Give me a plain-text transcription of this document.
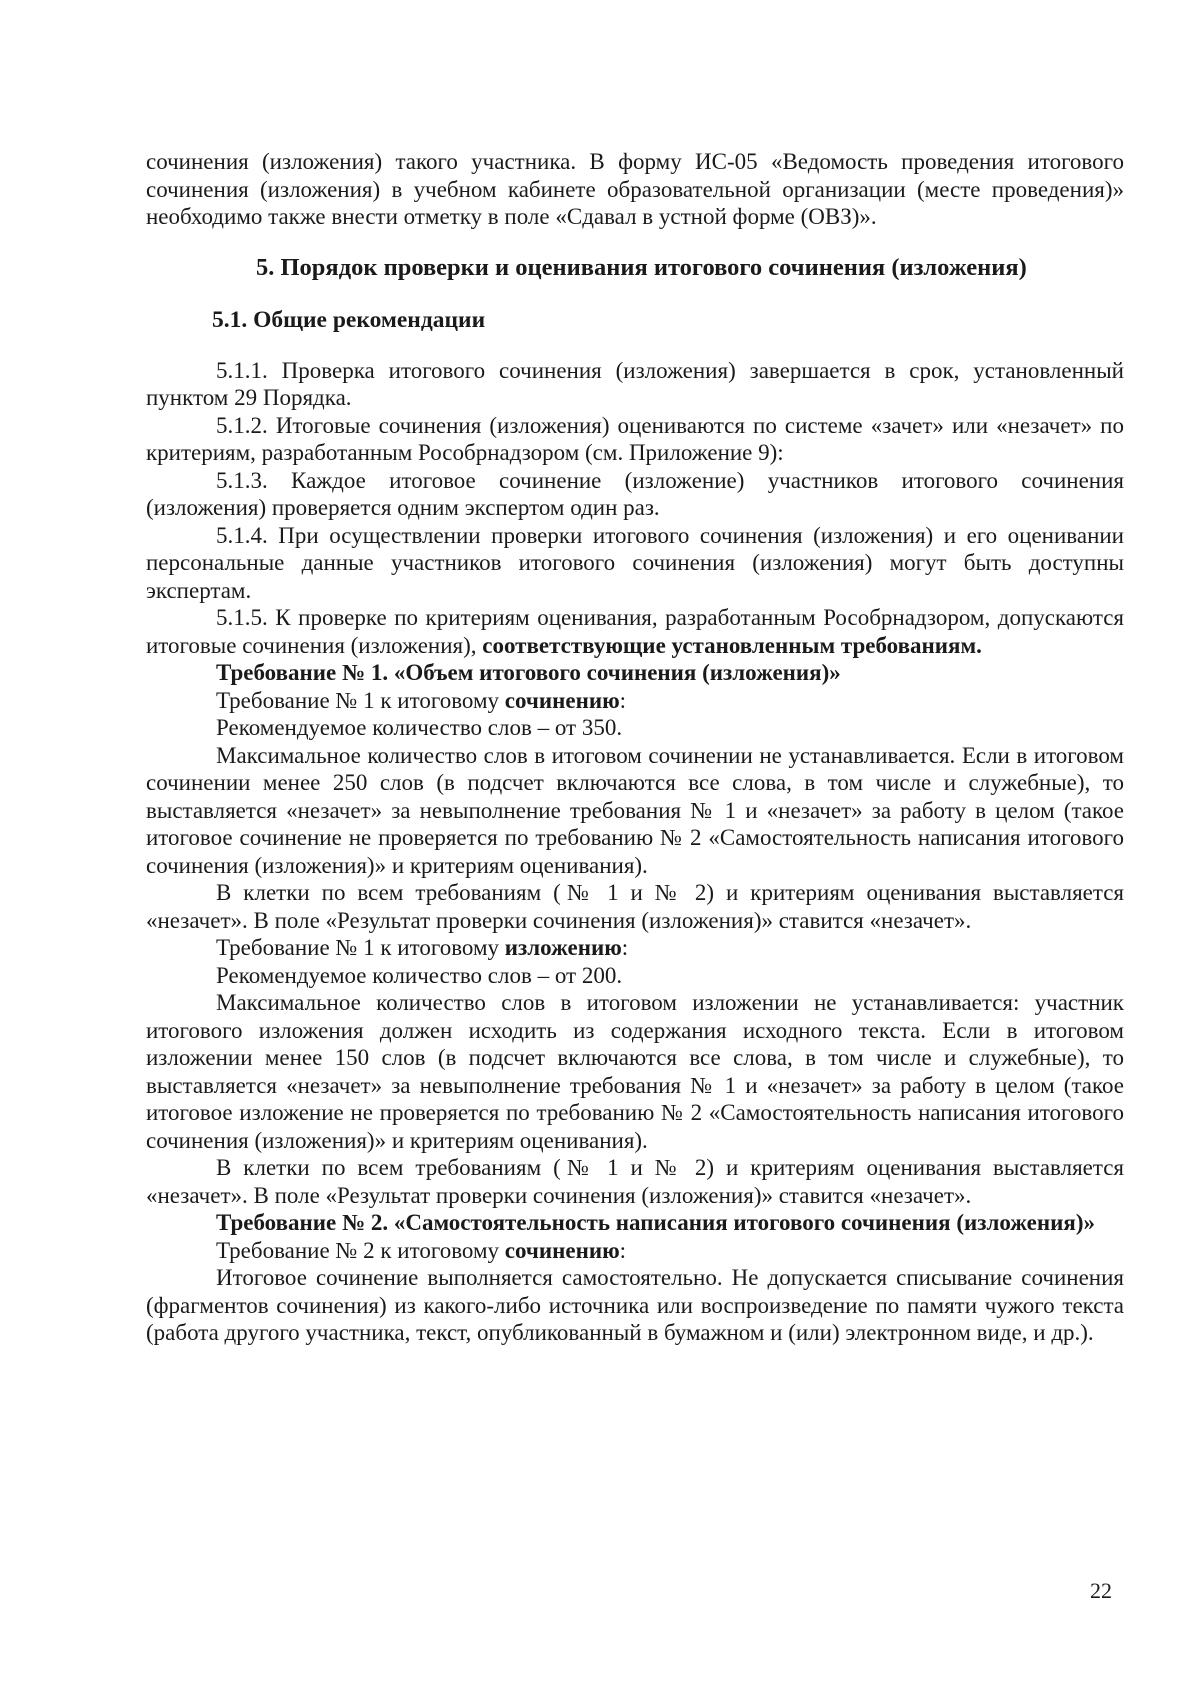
сочинения (изложения) такого участника. В форму ИС-05 «Ведомость проведения итогового сочинения (изложения) в учебном кабинете образовательной организации (месте проведения)» необходимо также внести отметку в поле «Сдавал в устной форме (ОВЗ)».

5. Порядок проверки и оценивания итогового сочинения (изложения)
5.1. Общие рекомендации

5.1.1. Проверка итогового сочинения (изложения) завершается в срок, установленный пунктом 29 Порядка.

5.1.2. Итоговые сочинения (изложения) оцениваются по системе «зачет» или «незачет» по критериям, разработанным Рособрнадзором (см. Приложение 9):

5.1.3. Каждое итоговое сочинение (изложение) участников итогового сочинения (изложения) проверяется одним экспертом один раз.

5.1.4. При осуществлении проверки итогового сочинения (изложения) и его оценивании персональные данные участников итогового сочинения (изложения) могут быть доступны экспертам.

5.1.5. К проверке по критериям оценивания, разработанным Рособрнадзором, допускаются итоговые сочинения (изложения), соответствующие установленным требованиям.

Требование № 1. «Объем итогового сочинения (изложения)»

Требование № 1 к итоговому сочинению:

Рекомендуемое количество слов – от 350.

Максимальное количество слов в итоговом сочинении не устанавливается. Если в итоговом сочинении менее 250 слов (в подсчет включаются все слова, в том числе и служебные), то выставляется «незачет» за невыполнение требования № 1 и «незачет» за работу в целом (такое итоговое сочинение не проверяется по требованию № 2 «Самостоятельность написания итогового сочинения (изложения)» и критериям оценивания).

В клетки по всем требованиям (№ 1 и № 2) и критериям оценивания выставляется «незачет». В поле «Результат проверки сочинения (изложения)» ставится «незачет».

Требование № 1 к итоговому изложению:

Рекомендуемое количество слов – от 200.

Максимальное количество слов в итоговом изложении не устанавливается: участник итогового изложения должен исходить из содержания исходного текста. Если в итоговом изложении менее 150 слов (в подсчет включаются все слова, в том числе и служебные), то выставляется «незачет» за невыполнение требования № 1 и «незачет» за работу в целом (такое итоговое изложение не проверяется по требованию № 2 «Самостоятельность написания итогового сочинения (изложения)» и критериям оценивания).

В клетки по всем требованиям (№ 1 и № 2) и критериям оценивания выставляется «незачет». В поле «Результат проверки сочинения (изложения)» ставится «незачет».

Требование № 2. «Самостоятельность написания итогового сочинения (изложения)»

Требование № 2 к итоговому сочинению:

Итоговое сочинение выполняется самостоятельно. Не допускается списывание сочинения (фрагментов сочинения) из какого-либо источника или воспроизведение по памяти чужого текста (работа другого участника, текст, опубликованный в бумажном и (или) электронном виде, и др.).

22
